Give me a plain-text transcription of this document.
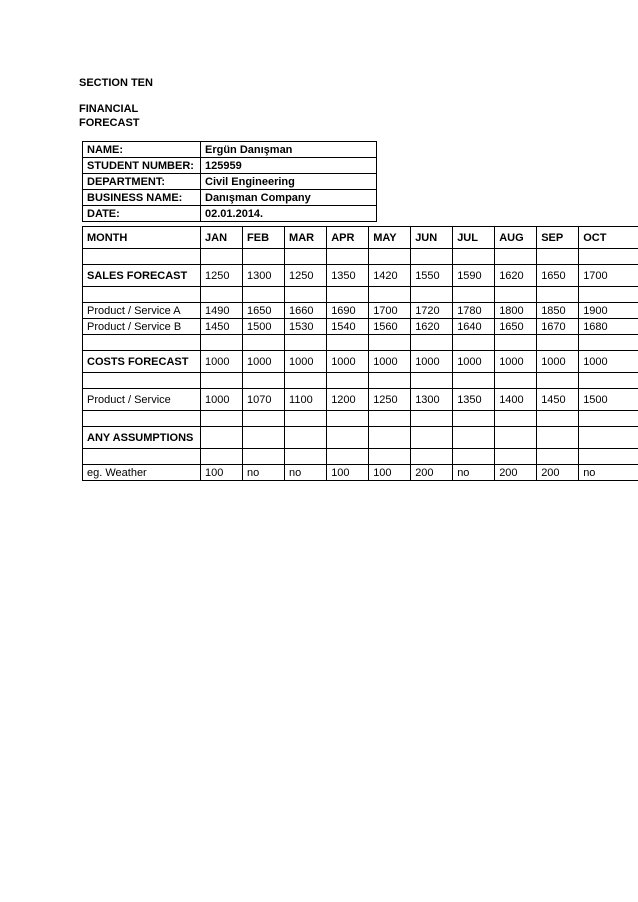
SECTION TEN

FINANCIAL FORECAST

NAME:	Ergün Danışman
STUDENT NUMBER:	125959
DEPARTMENT:	Civil Engineering
BUSINESS NAME:	Danışman Company
DATE:	02.01.2014.
MONTH	JAN	FEB	MAR	APR	MAY	JUN	JUL	AUG	SEP	OCT

SALES FORECAST	1250	1300	1250	1350	1420	1550	1590	1620	1650	1700

Product / Service A	1490	1650	1660	1690	1700	1720	1780	1800	1850	1900
Product / Service B	1450	1500	1530	1540	1560	1620	1640	1650	1670	1680

COSTS FORECAST	1000	1000	1000	1000	1000	1000	1000	1000	1000	1000

Product / Service	1000	1070	1100	1200	1250	1300	1350	1400	1450	1500

ANY ASSUMPTIONS										

eg. Weather	100	no	no	100	100	200	no	200	200	no
